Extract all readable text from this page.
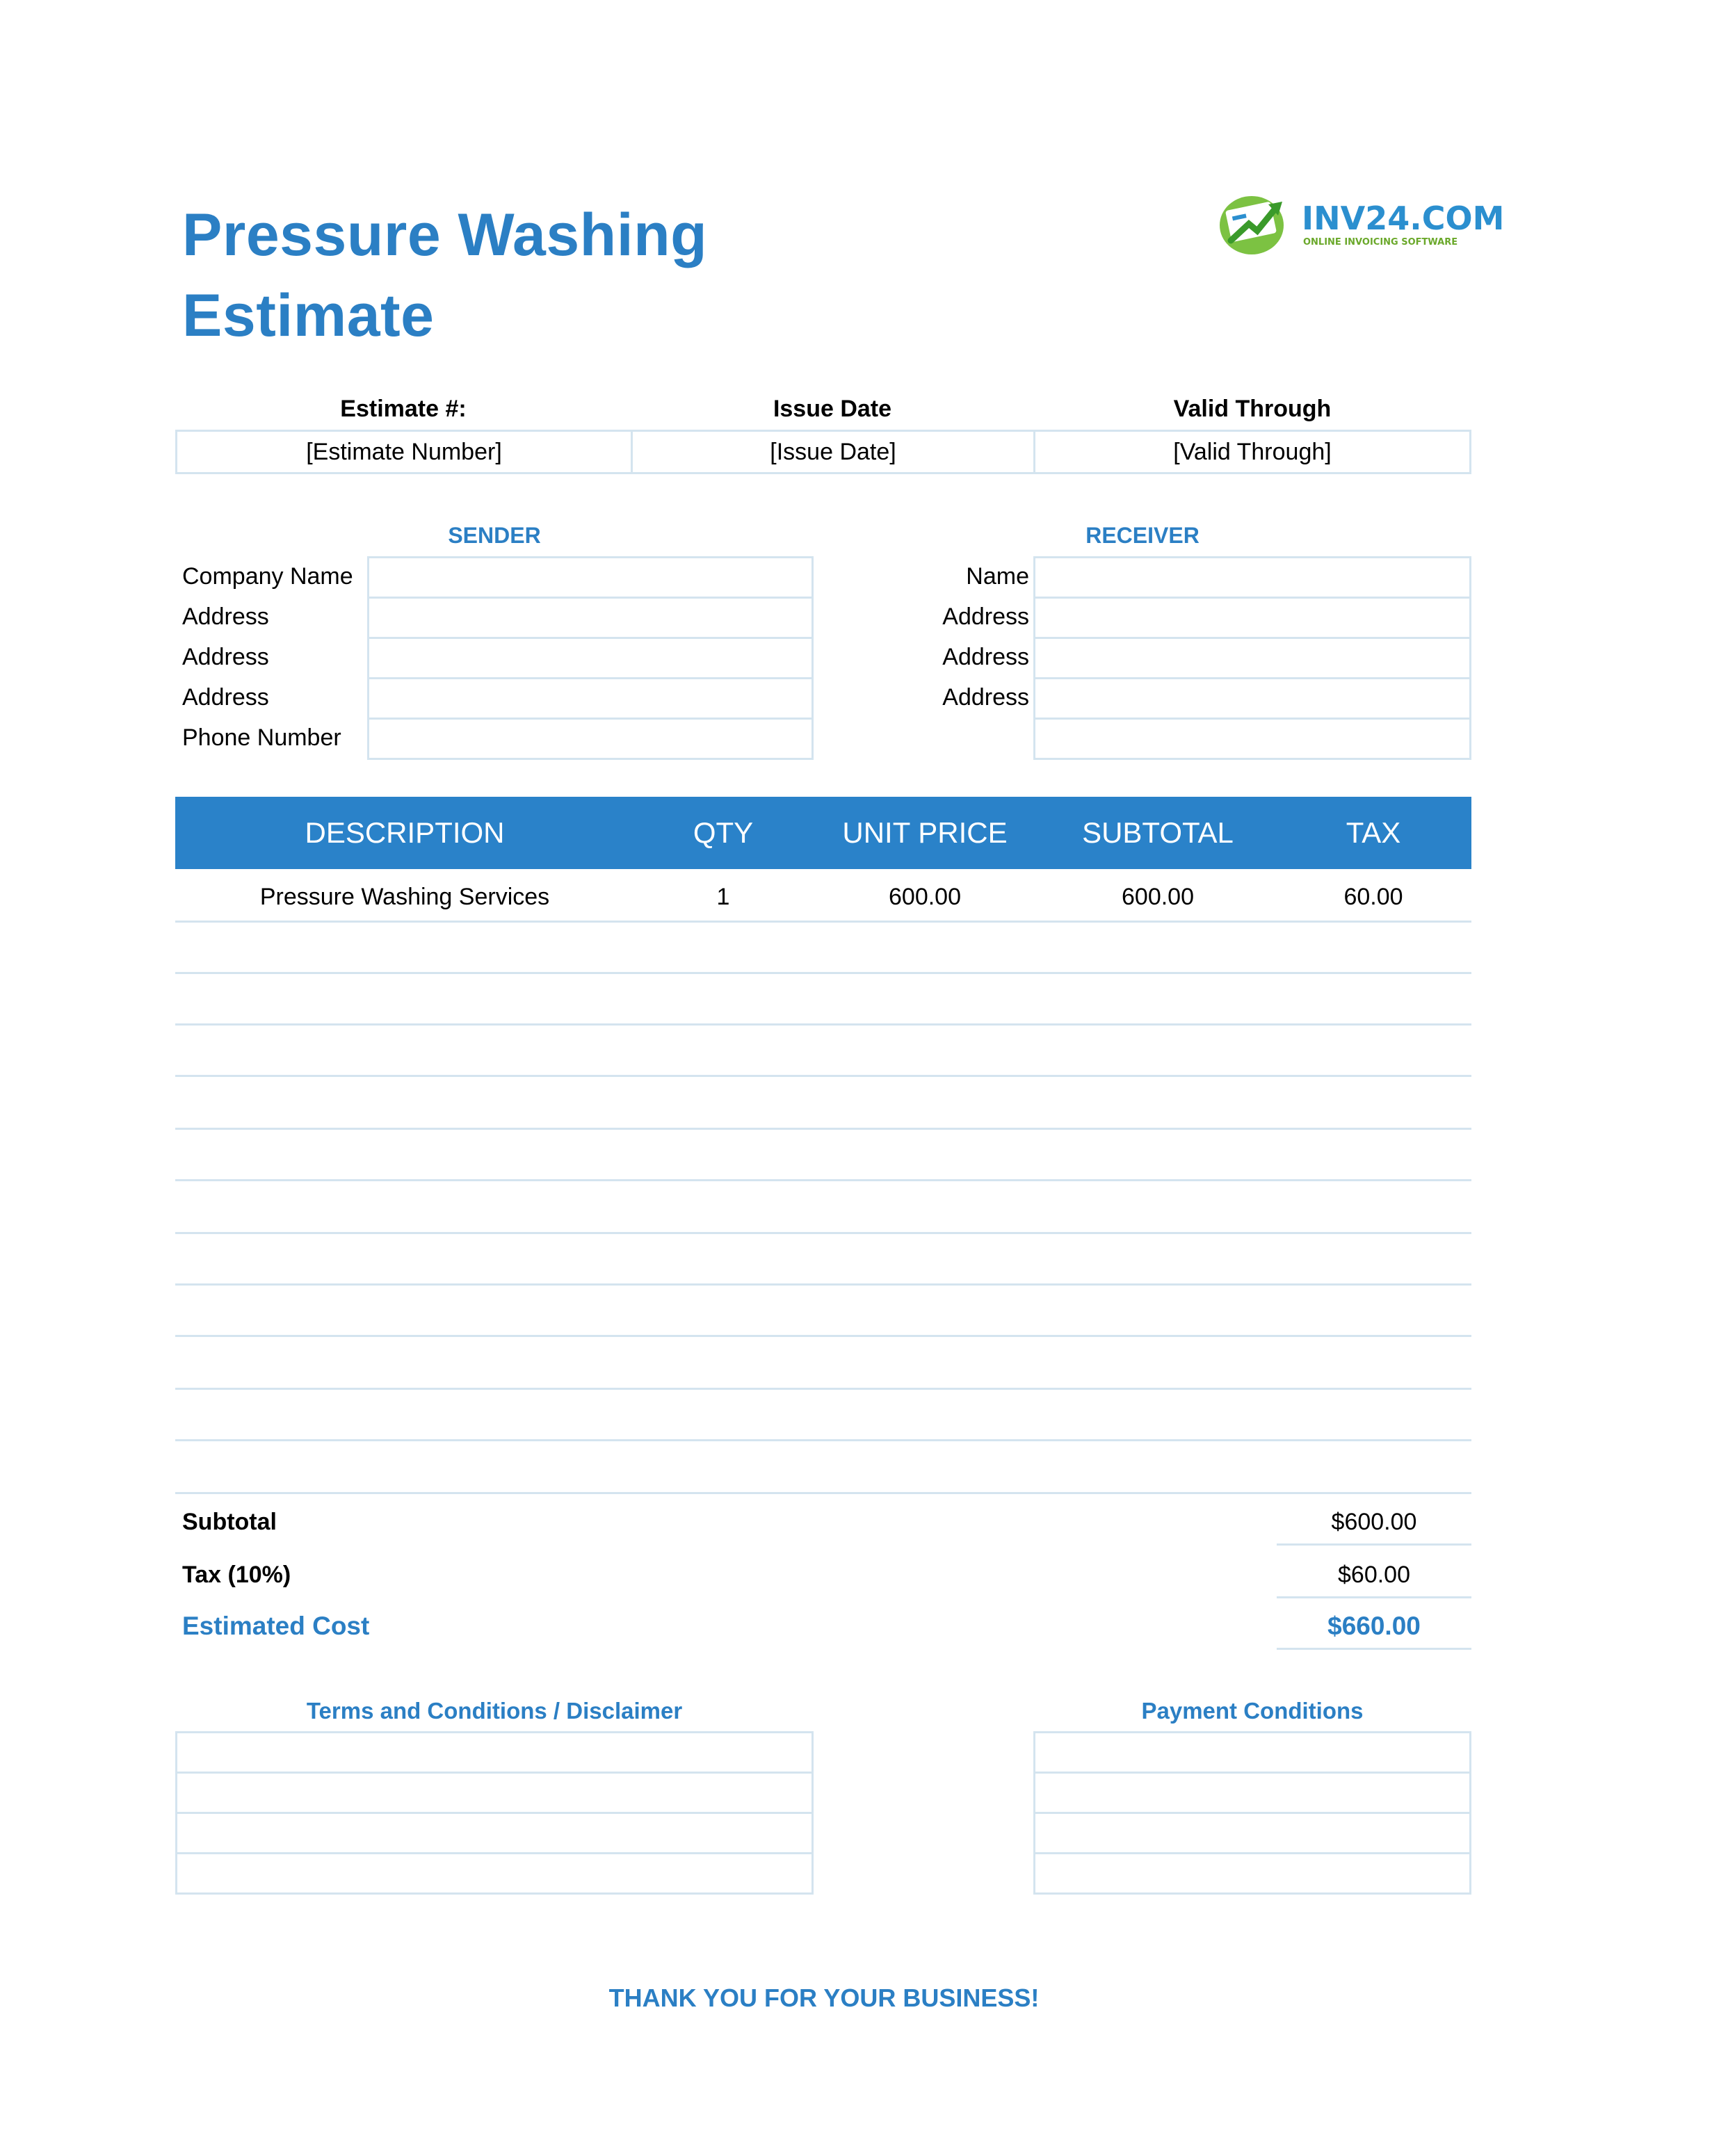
Pressure Washing
Estimate
INV24.COM
ONLINE INVOICING SOFTWARE
Estimate #:	Issue Date	Valid Through
[Estimate Number]	[Issue Date]	[Valid Through]
SENDER	RECEIVER
Company Name
Address
Address
Address
Phone Number
Name
Address
Address
Address
DESCRIPTION	QTY	UNIT PRICE	SUBTOTAL	TAX
Pressure Washing Services	1	600.00	600.00	60.00
Subtotal	$600.00
Tax (10%)	$60.00
Estimated Cost	$660.00
Terms and Conditions / Disclaimer	Payment Conditions
THANK YOU FOR YOUR BUSINESS!
